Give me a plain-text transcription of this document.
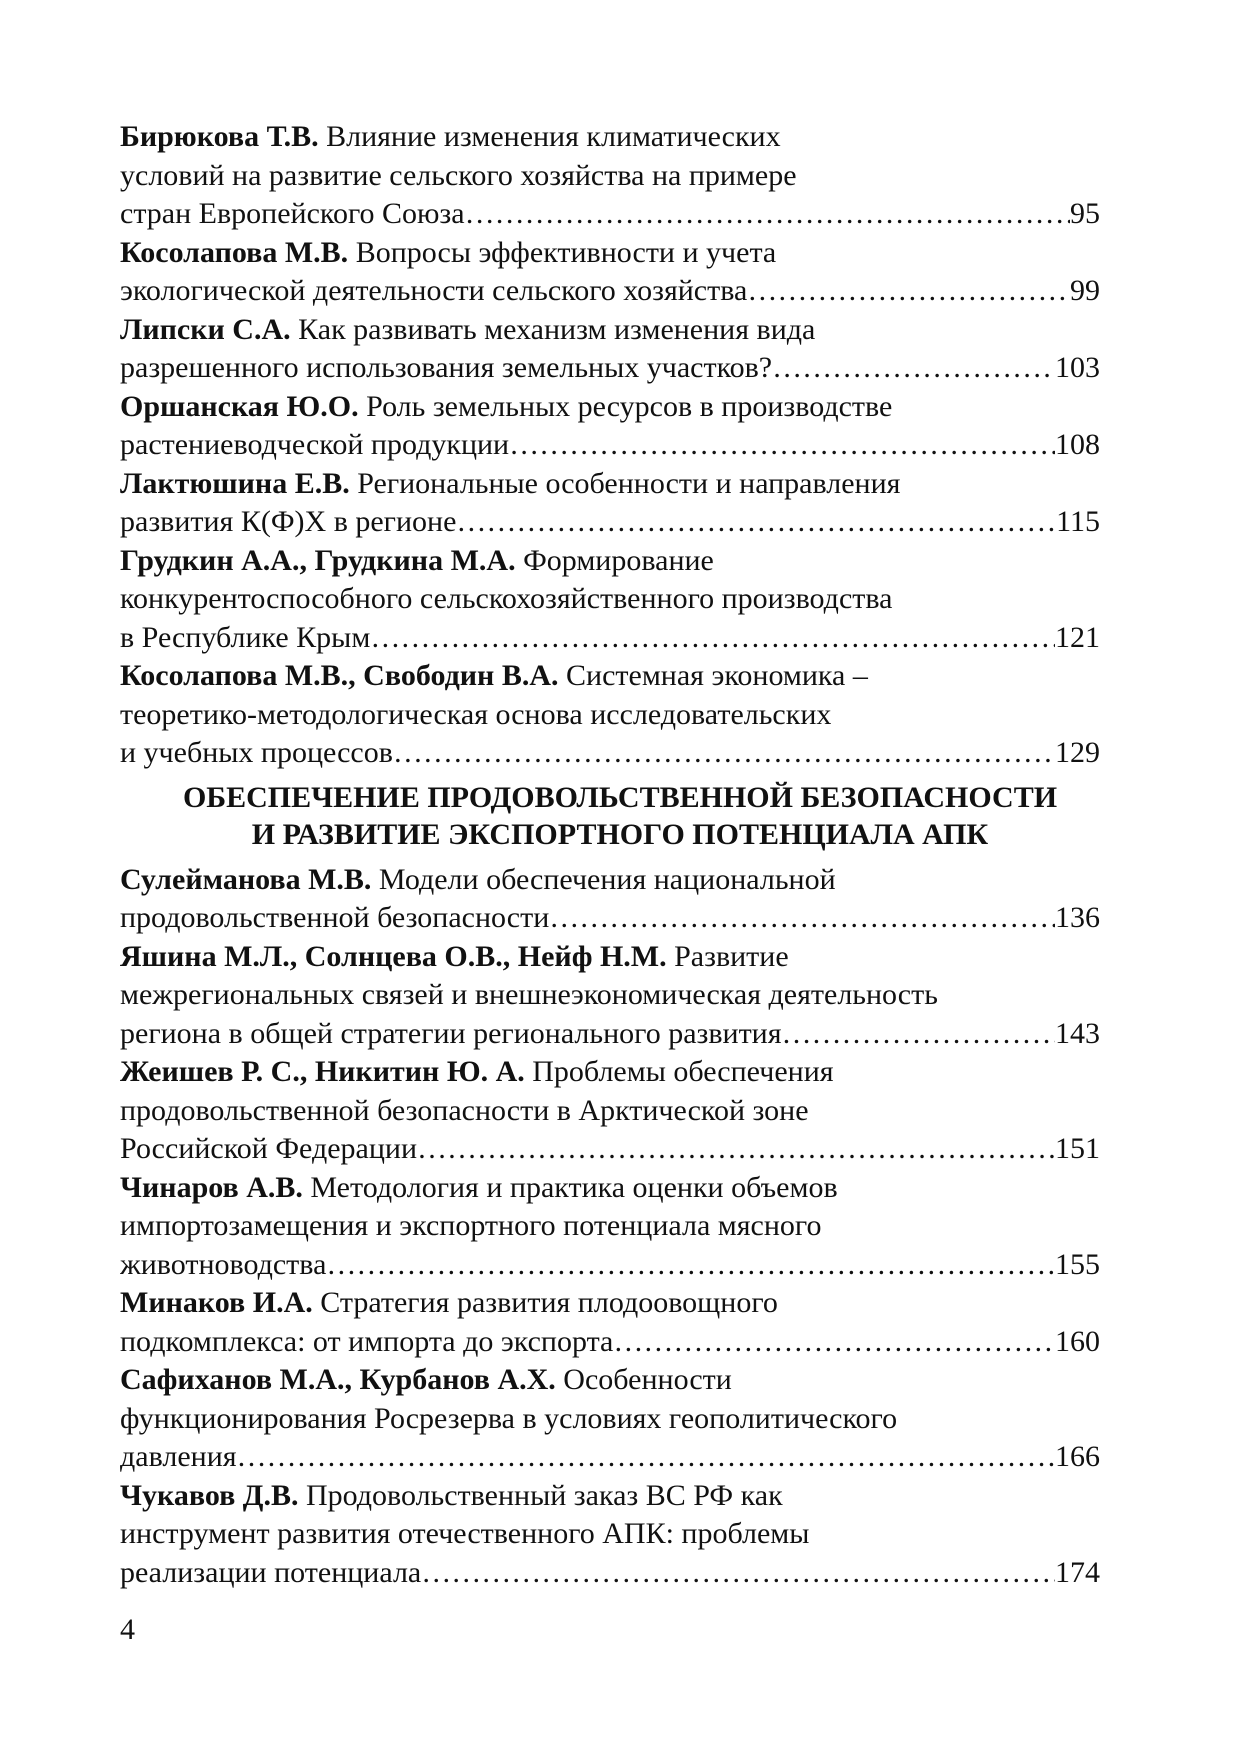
Бирюкова Т.В. Влияние изменения климатических
условий на развитие сельского хозяйства на примере
стран Европейского Союза ……………………………………………………………………………………………………………………………………………………………………………………	95
Косолапова М.В. Вопросы эффективности и учета
экологической деятельности сельского хозяйства ……………………………………………………………………………………………………………………………………………………………………………………	99
Липски С.А. Как развивать механизм изменения вида
разрешенного использования земельных участков? ……………………………………………………………………………………………………………………………………………………………………………………	103
Оршанская Ю.О. Роль земельных ресурсов в производстве
растениеводческой продукции ……………………………………………………………………………………………………………………………………………………………………………………	108
Лактюшина Е.В. Региональные особенности и направления
развития К(Ф)Х в регионе ……………………………………………………………………………………………………………………………………………………………………………………	115
Грудкин А.А., Грудкина М.А. Формирование
конкурентоспособного сельскохозяйственного производства
в Республике Крым ……………………………………………………………………………………………………………………………………………………………………………………	121
Косолапова М.В., Свободин В.А. Системная экономика –
теоретико-методологическая основа исследовательских
и учебных процессов ……………………………………………………………………………………………………………………………………………………………………………………	129
ОБЕСПЕЧЕНИЕ ПРОДОВОЛЬСТВЕННОЙ БЕЗОПАСНОСТИ
И РАЗВИТИЕ ЭКСПОРТНОГО ПОТЕНЦИАЛА АПК
Сулейманова М.В. Модели обеспечения национальной
продовольственной безопасности ……………………………………………………………………………………………………………………………………………………………………………………	136
Яшина М.Л., Солнцева О.В., Нейф Н.М. Развитие
межрегиональных связей и внешнеэкономическая деятельность
региона в общей стратегии регионального развития ……………………………………………………………………………………………………………………………………………………………………………………	143
Жеишев Р. С., Никитин Ю. А. Проблемы обеспечения
продовольственной безопасности в Арктической зоне
Российской Федерации ……………………………………………………………………………………………………………………………………………………………………………………	151
Чинаров А.В. Методология и практика оценки объемов
импортозамещения и экспортного потенциала мясного
животноводства ……………………………………………………………………………………………………………………………………………………………………………………	155
Минаков И.А. Стратегия развития плодоовощного
подкомплекса: от импорта до экспорта ……………………………………………………………………………………………………………………………………………………………………………………	160
Сафиханов М.А., Курбанов А.Х. Особенности
функционирования Росрезерва в условиях геополитического
давления ……………………………………………………………………………………………………………………………………………………………………………………	166
Чукавов Д.В. Продовольственный заказ ВС РФ как
инструмент развития отечественного АПК: проблемы
реализации потенциала ……………………………………………………………………………………………………………………………………………………………………………………	174
4
